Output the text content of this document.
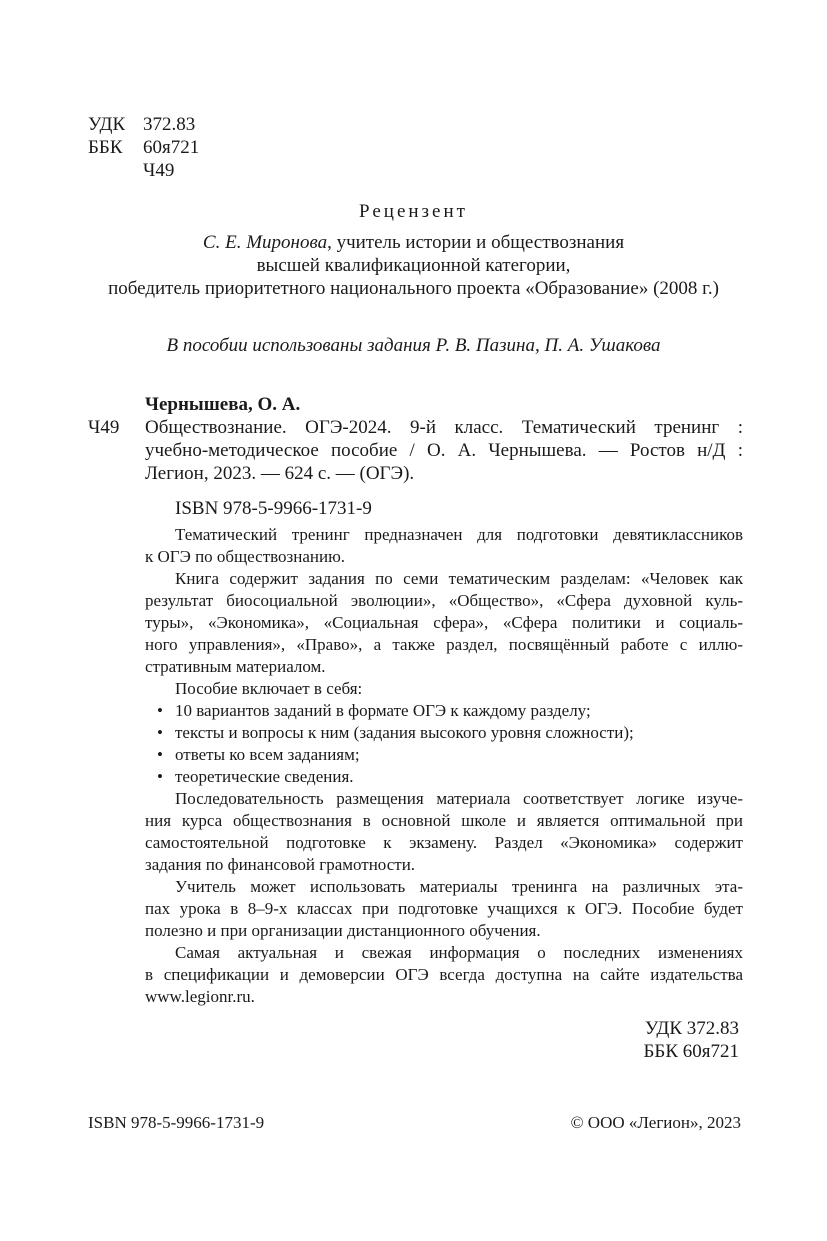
УДК 372.83
ББК 60я721
Ч49
Рецензент
С. Е. Миронова, учитель истории и обществознания
высшей квалификационной категории,
победитель приоритетного национального проекта «Образование» (2008 г.)
В пособии использованы задания Р. В. Пазина, П. А. Ушакова
Чернышева, О. А.
Ч49 Обществознание. ОГЭ-2024. 9-й класс. Тематический тренинг :
учебно-методическое пособие / О. А. Чернышева. — Ростов н/Д :
Легион, 2023. — 624 с. — (ОГЭ).
ISBN 978-5-9966-1731-9
Тематический тренинг предназначен для подготовки девятиклассников
к ОГЭ по обществознанию.
Книга содержит задания по семи тематическим разделам: «Человек как
результат биосоциальной эволюции», «Общество», «Сфера духовной куль-
туры», «Экономика», «Социальная сфера», «Сфера политики и социаль-
ного управления», «Право», а также раздел, посвящённый работе с иллю-
стративным материалом.
Пособие включает в себя:
• 10 вариантов заданий в формате ОГЭ к каждому разделу;
• тексты и вопросы к ним (задания высокого уровня сложности);
• ответы ко всем заданиям;
• теоретические сведения.
Последовательность размещения материала соответствует логике изуче-
ния курса обществознания в основной школе и является оптимальной при
самостоятельной подготовке к экзамену. Раздел «Экономика» содержит
задания по финансовой грамотности.
Учитель может использовать материалы тренинга на различных эта-
пах урока в 8–9-х классах при подготовке учащихся к ОГЭ. Пособие будет
полезно и при организации дистанционного обучения.
Самая актуальная и свежая информация о последних изменениях
в спецификации и демоверсии ОГЭ всегда доступна на сайте издательства
www.legionr.ru.
УДК 372.83
ББК 60я721
ISBN 978-5-9966-1731-9	© ООО «Легион», 2023
